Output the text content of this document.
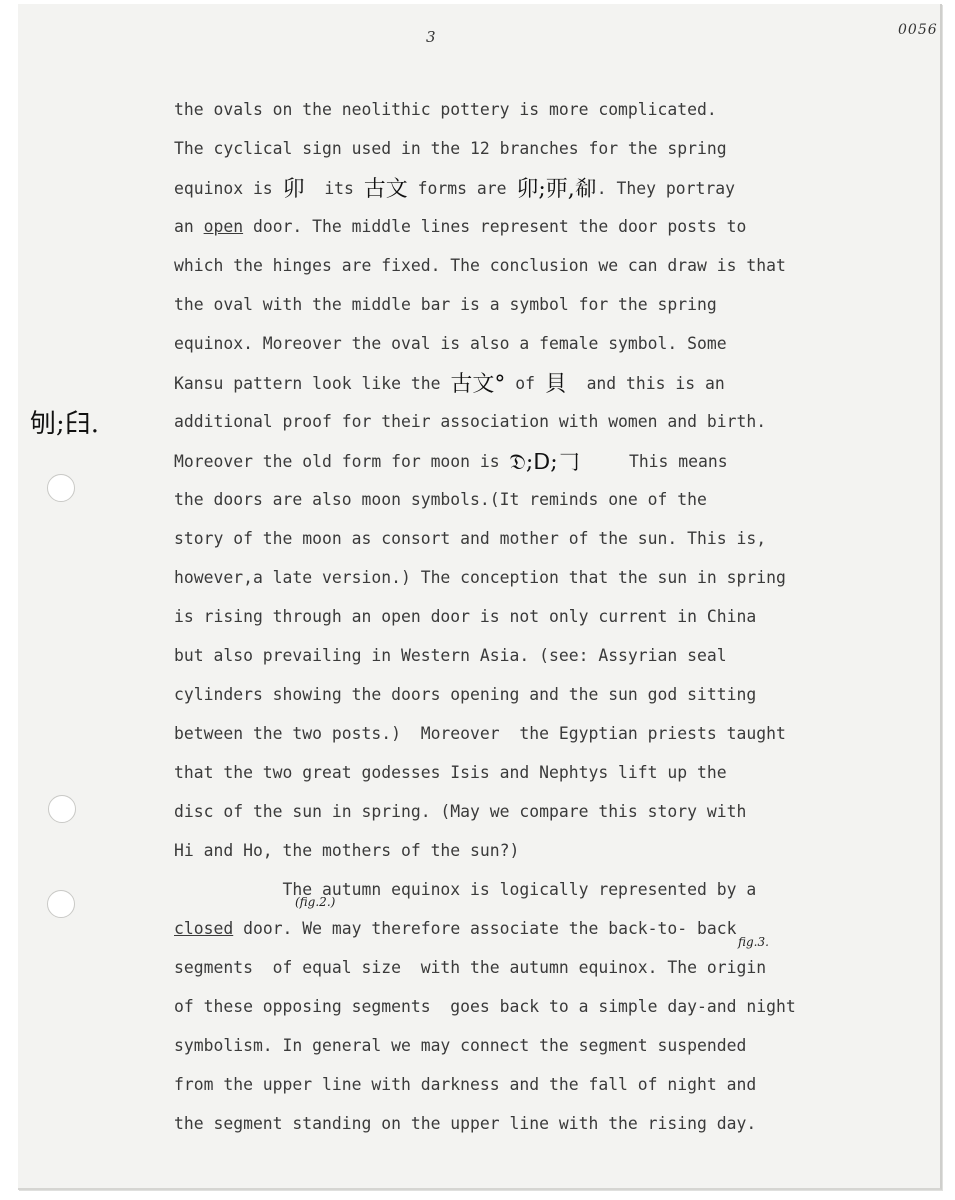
3	0056
𠛎;𦥑.
(fig.2.)
fig.3.
the ovals on the neolithic pottery is more complicated.
The cyclical sign used in the 12 branches for the spring
equinox is 卯  its 古文 forms are 卯;丣,𠨚. They portray
an open door. The middle lines represent the door posts to
which the hinges are fixed. The conclusion we can draw is that
the oval with the middle bar is a symbol for the spring
equinox. Moreover the oval is also a female symbol. Some
Kansu pattern look like the 古文° of 貝  and this is an
additional proof for their association with women and birth.
Moreover the old form for moon is 𝔇;ᗞ;𠃌     This means
the doors are also moon symbols.(It reminds one of the
story of the moon as consort and mother of the sun. This is,
however,a late version.) The conception that the sun in spring
is rising through an open door is not only current in China
but also prevailing in Western Asia. (see: Assyrian seal
cylinders showing the doors opening and the sun god sitting
between the two posts.)  Moreover  the Egyptian priests taught
that the two great godesses Isis and Nephtys lift up the
disc of the sun in spring. (May we compare this story with
Hi and Ho, the mothers of the sun?)
The autumn equinox is logically represented by a
closed door. We may therefore associate the back-to- back
segments  of equal size  with the autumn equinox. The origin
of these opposing segments  goes back to a simple day-and night
symbolism. In general we may connect the segment suspended
from the upper line with darkness and the fall of night and
the segment standing on the upper line with the rising day.
